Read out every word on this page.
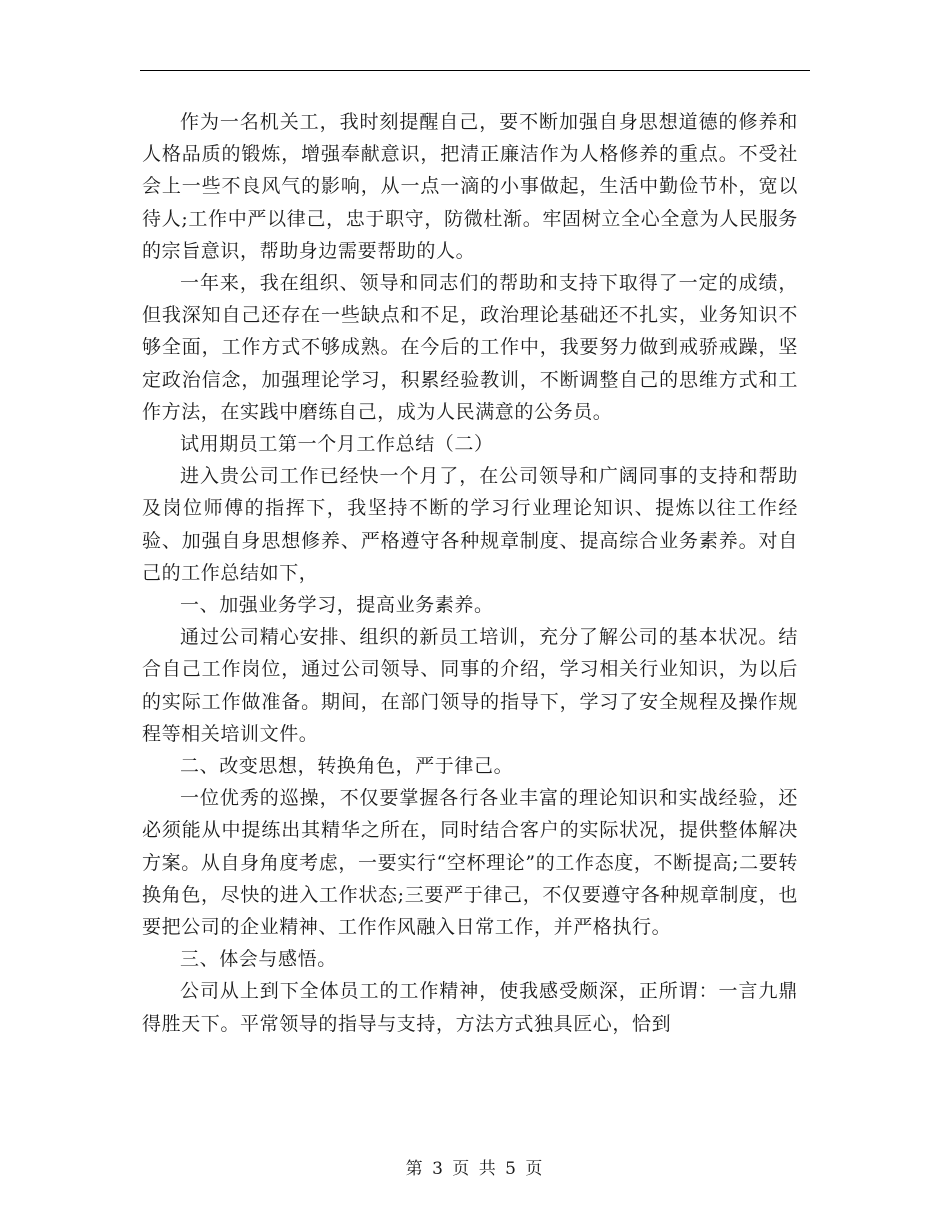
作为一名机关工，我时刻提醒自己，要不断加强自身思想道德的修养和人格品质的锻炼，增强奉献意识，把清正廉洁作为人格修养的重点。不受社会上一些不良风气的影响，从一点一滴的小事做起，生活中勤俭节朴，宽以待人;工作中严以律己，忠于职守，防微杜渐。牢固树立全心全意为人民服务的宗旨意识，帮助身边需要帮助的人。

一年来，我在组织、领导和同志们的帮助和支持下取得了一定的成绩，但我深知自己还存在一些缺点和不足，政治理论基础还不扎实，业务知识不够全面，工作方式不够成熟。在今后的工作中，我要努力做到戒骄戒躁，坚定政治信念，加强理论学习，积累经验教训，不断调整自己的思维方式和工作方法，在实践中磨练自己，成为人民满意的公务员。

试用期员工第一个月工作总结（二）

进入贵公司工作已经快一个月了，在公司领导和广阔同事的支持和帮助及岗位师傅的指挥下，我坚持不断的学习行业理论知识、提炼以往工作经验、加强自身思想修养、严格遵守各种规章制度、提高综合业务素养。对自己的工作总结如下，

一、加强业务学习，提高业务素养。

通过公司精心安排、组织的新员工培训，充分了解公司的基本状况。结合自己工作岗位，通过公司领导、同事的介绍，学习相关行业知识，为以后的实际工作做准备。期间，在部门领导的指导下，学习了安全规程及操作规程等相关培训文件。

二、改变思想，转换角色，严于律己。

一位优秀的巡操，不仅要掌握各行各业丰富的理论知识和实战经验，还必须能从中提练出其精华之所在，同时结合客户的实际状况，提供整体解决方案。从自身角度考虑，一要实行“空杯理论”的工作态度，不断提高;二要转换角色，尽快的进入工作状态;三要严于律己，不仅要遵守各种规章制度，也要把公司的企业精神、工作作风融入日常工作，并严格执行。

三、体会与感悟。

公司从上到下全体员工的工作精神，使我感受颇深，正所谓：一言九鼎得胜天下。平常领导的指导与支持，方法方式独具匠心，恰到

第 3 页 共 5 页
